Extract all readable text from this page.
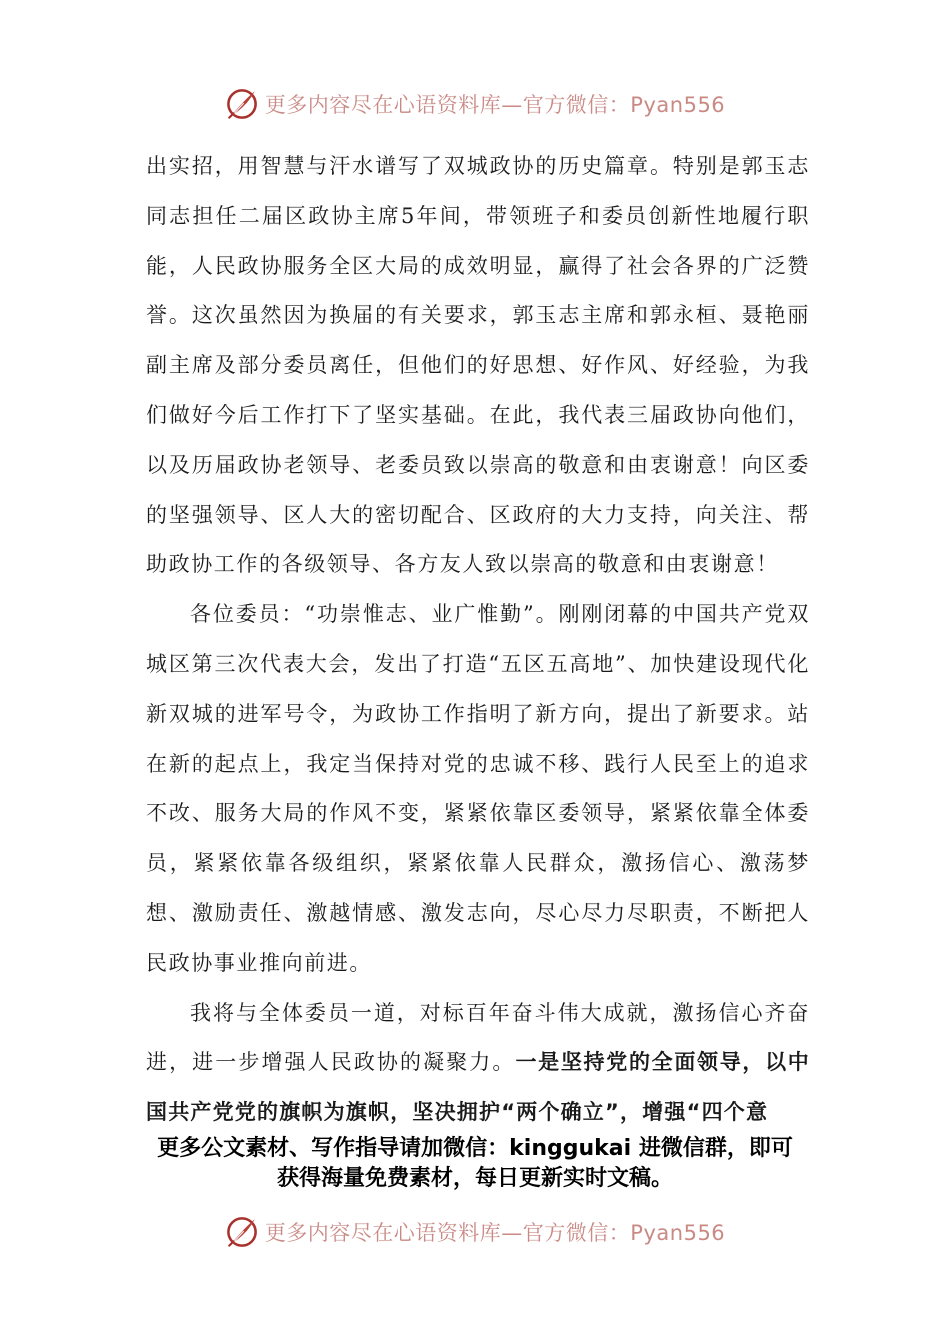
更多内容尽在心语资料库—官方微信：Pyan556

出实招，用智慧与汗水谱写了双城政协的历史篇章。特别是郭玉志同志担任二届区政协主席5年间，带领班子和委员创新性地履行职能，人民政协服务全区大局的成效明显，赢得了社会各界的广泛赞誉。这次虽然因为换届的有关要求，郭玉志主席和郭永桓、聂艳丽副主席及部分委员离任，但他们的好思想、好作风、好经验，为我们做好今后工作打下了坚实基础。在此，我代表三届政协向他们，以及历届政协老领导、老委员致以崇高的敬意和由衷谢意！向区委的坚强领导、区人大的密切配合、区政府的大力支持，向关注、帮助政协工作的各级领导、各方友人致以崇高的敬意和由衷谢意！

各位委员：“功崇惟志、业广惟勤”。刚刚闭幕的中国共产党双城区第三次代表大会，发出了打造“五区五高地”、加快建设现代化新双城的进军号令，为政协工作指明了新方向，提出了新要求。站在新的起点上，我定当保持对党的忠诚不移、践行人民至上的追求不改、服务大局的作风不变，紧紧依靠区委领导，紧紧依靠全体委员，紧紧依靠各级组织，紧紧依靠人民群众，激扬信心、激荡梦想、激励责任、激越情感、激发志向，尽心尽力尽职责，不断把人民政协事业推向前进。

我将与全体委员一道，对标百年奋斗伟大成就，激扬信心齐奋进，进一步增强人民政协的凝聚力。一是坚持党的全面领导，以中国共产党党的旗帜为旗帜，坚决拥护“两个确立”，增强“四个意

更多公文素材、写作指导请加微信：kinggukai 进微信群，即可
获得海量免费素材，每日更新实时文稿。
更多内容尽在心语资料库—官方微信：Pyan556
